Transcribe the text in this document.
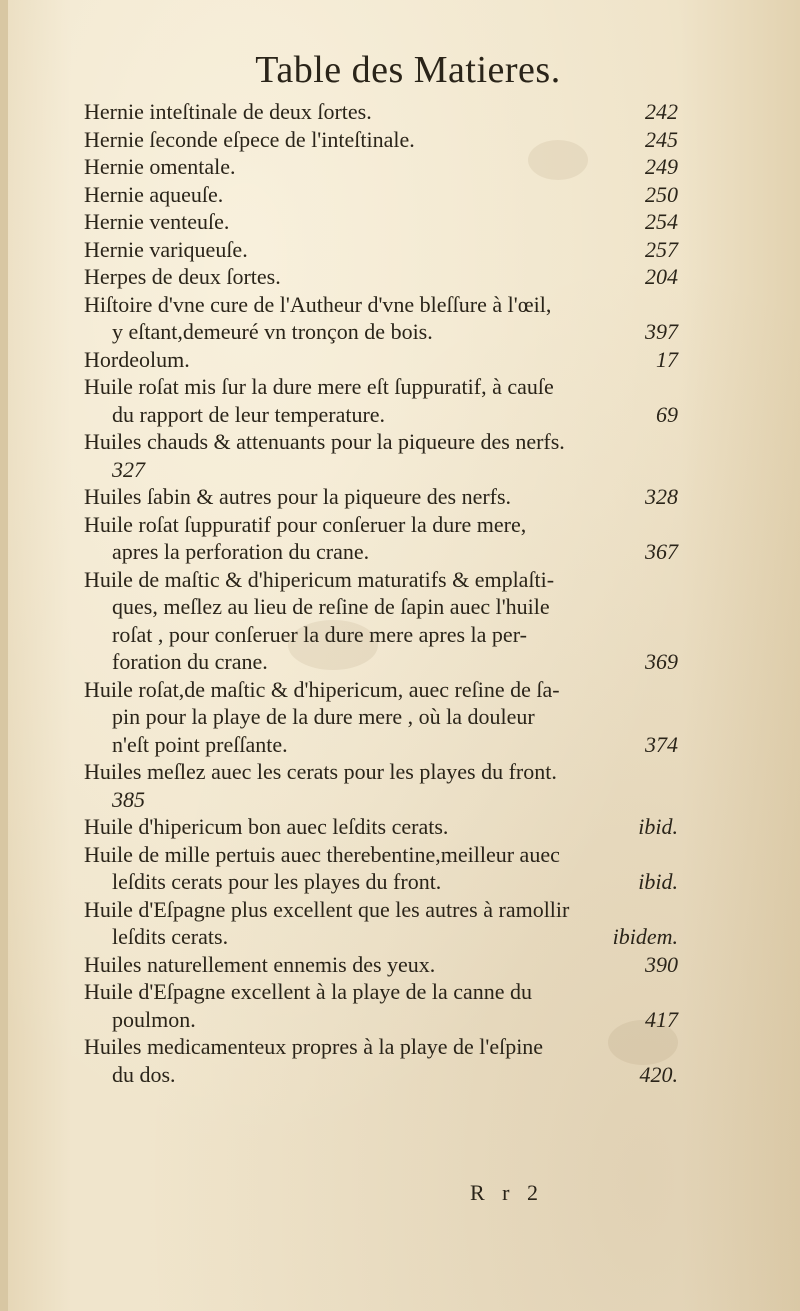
Table des Matieres.
Hernie inteſtinale de deux ſortes.	242
Hernie ſeconde eſpece de l'inteſtinale.	245
Hernie omentale.	249
Hernie aqueuſe.	250
Hernie venteuſe.	254
Hernie variqueuſe.	257
Herpes de deux ſortes.	204
Hiſtoire d'vne cure de l'Autheur d'vne bleſſure à l'œil,
y eſtant,demeuré vn tronçon de bois.	397
Hordeolum.	17
Huile roſat mis ſur la dure mere eſt ſuppuratif, à cauſe
du rapport de leur temperature.	69
Huiles chauds & attenuants pour la piqueure des nerfs.
327
Huiles ſabin & autres pour la piqueure des nerfs.	328
Huile roſat ſuppuratif pour conſeruer la dure mere,
apres la perforation du crane.	367
Huile de maſtic & d'hipericum maturatifs & emplaſti-
ques, meſlez au lieu de reſine de ſapin auec l'huile
roſat , pour conſeruer la dure mere apres la per-
foration du crane.	369
Huile roſat,de maſtic & d'hipericum, auec reſine de ſa-
pin pour la playe de la dure mere , où la douleur
n'eſt point preſſante.	374
Huiles meſlez auec les cerats pour les playes du front.
385
Huile d'hipericum bon auec leſdits cerats.	ibid.
Huile de mille pertuis auec therebentine,meilleur auec
leſdits cerats pour les playes du front.	ibid.
Huile d'Eſpagne plus excellent que les autres à ramollir
leſdits cerats.	ibidem.
Huiles naturellement ennemis des yeux.	390
Huile d'Eſpagne excellent à la playe de la canne du
poulmon.	417
Huiles medicamenteux propres à la playe de l'eſpine
du dos.	420.
R r 2
